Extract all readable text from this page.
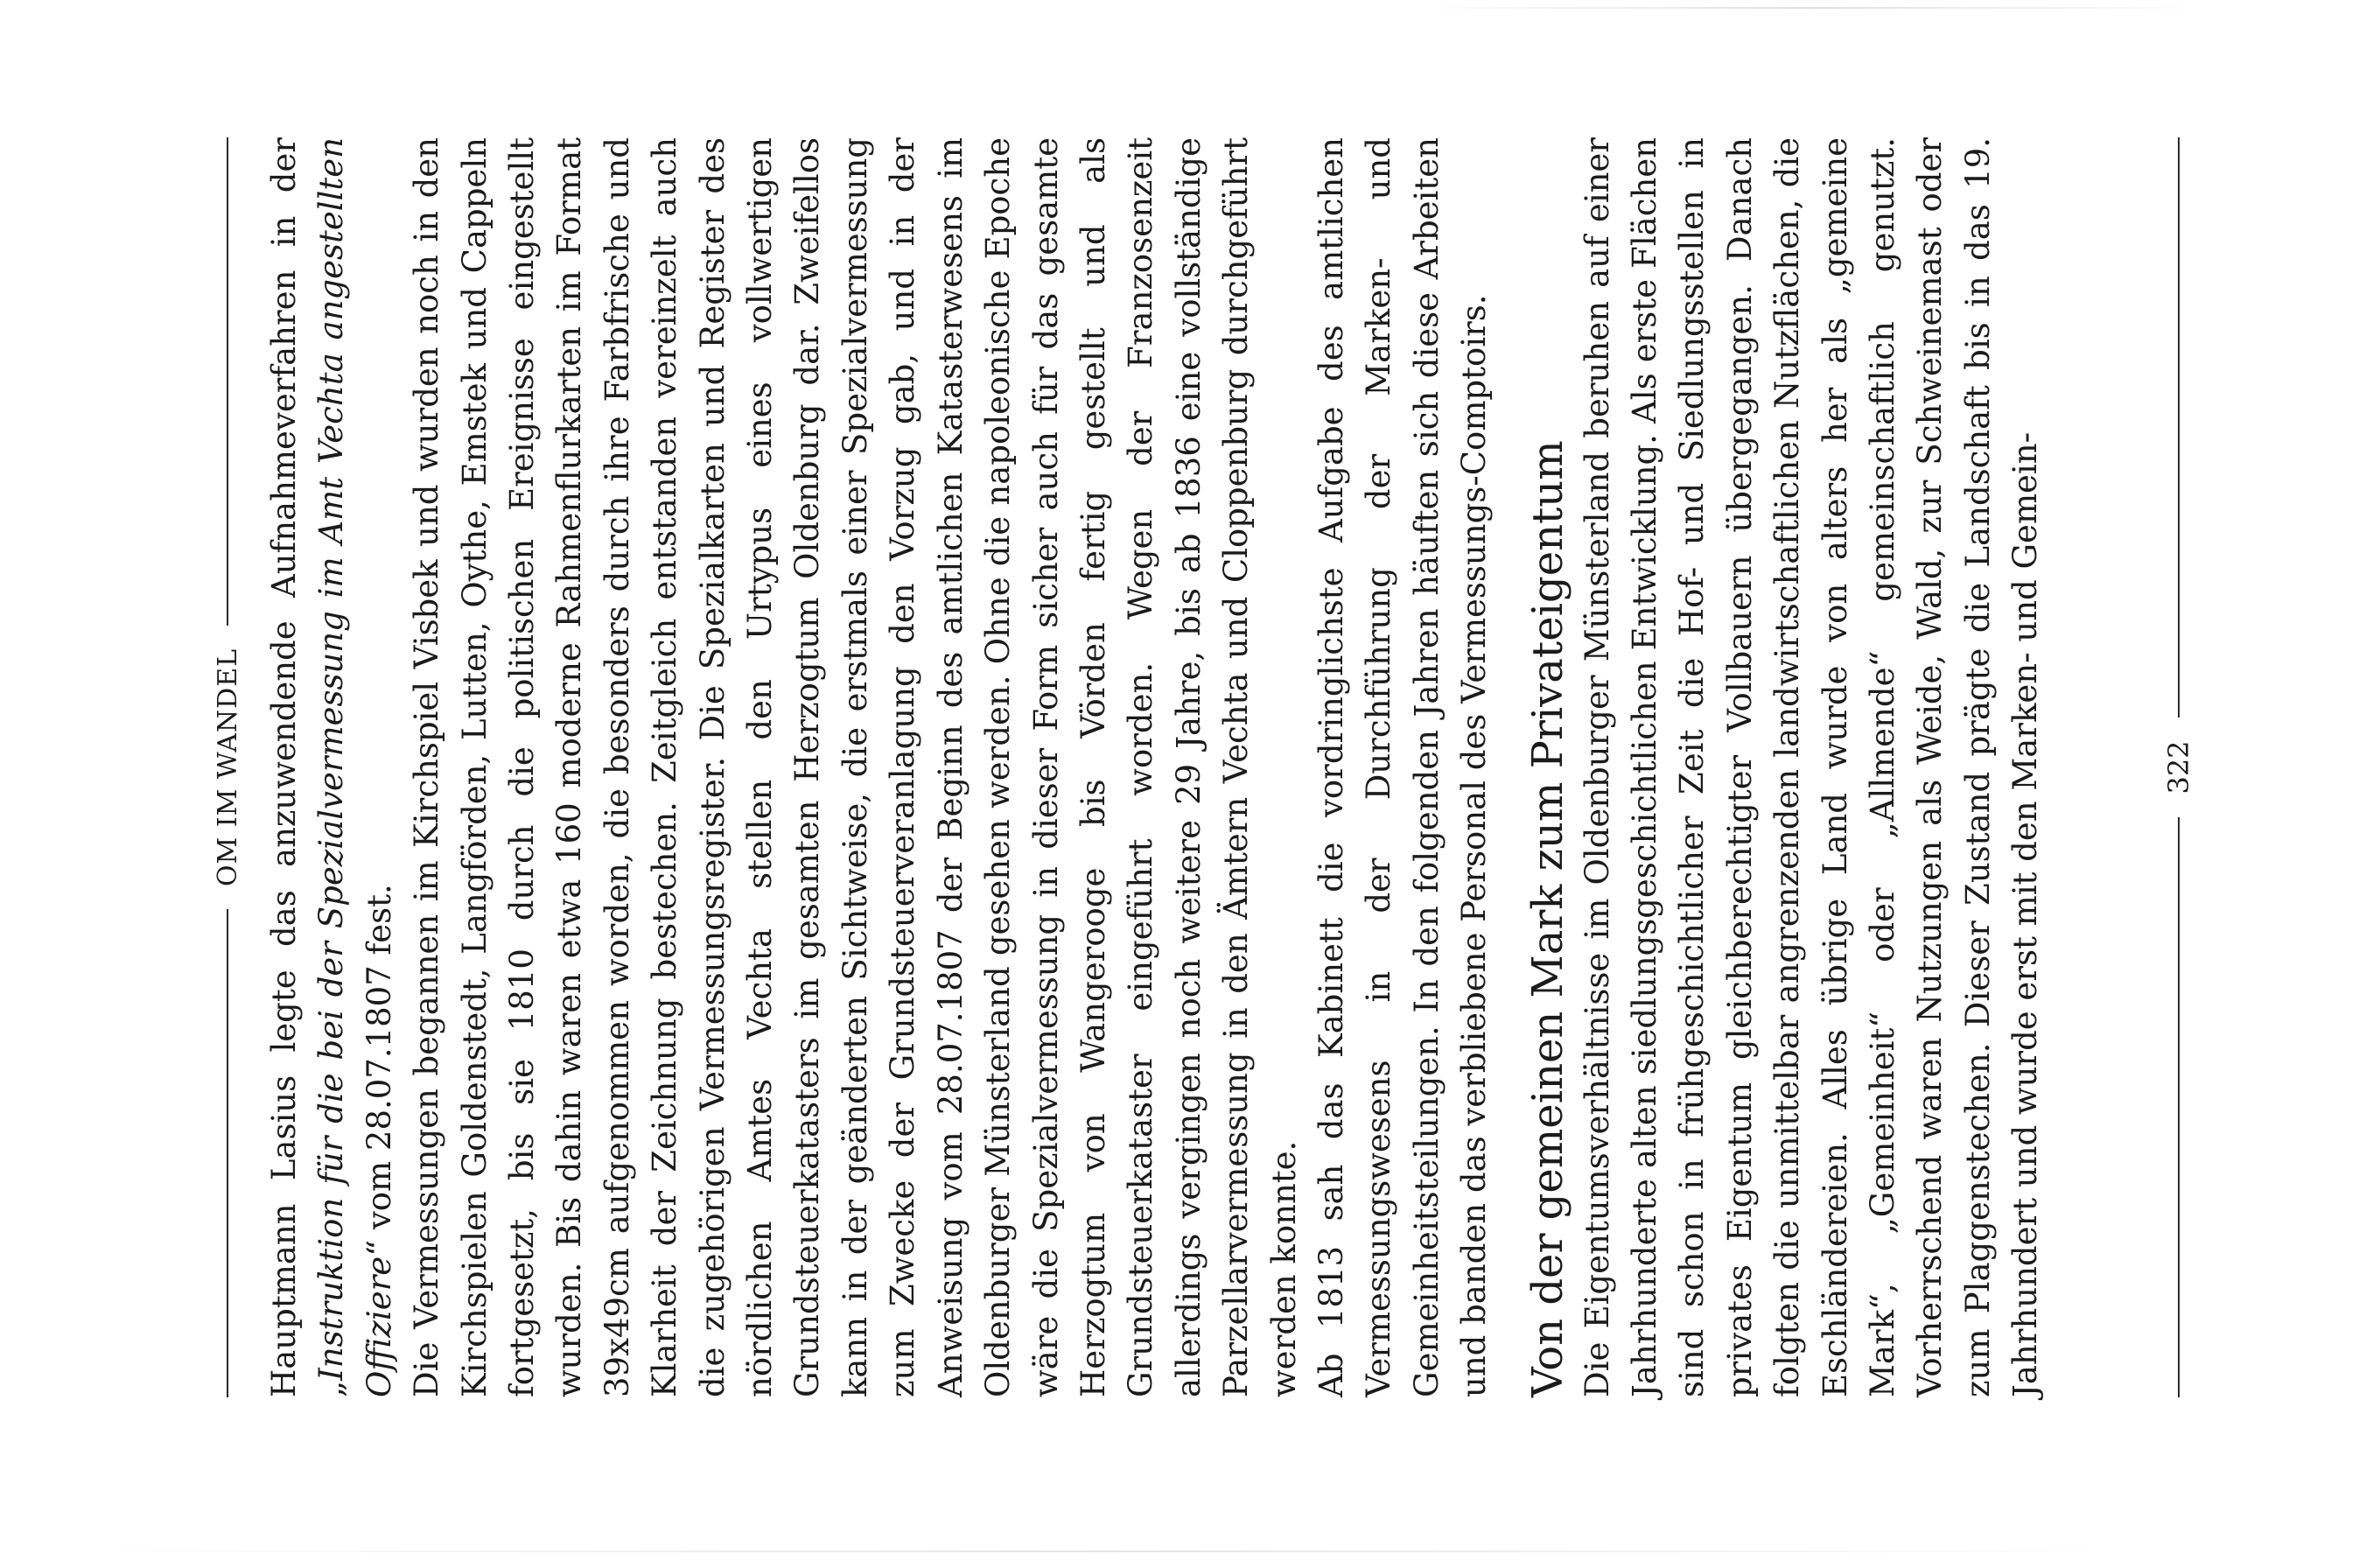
OM IM WANDEL Hauptmann Lasius legte das anzuwendende Aufnahmeverfahren in der „Instruktion für die bei der Spezialvermessung im Amt Vechta angestellten Offiziere“ vom 28.07.1807 fest. Die Vermessungen begannen im Kirchspiel Visbek und wurden noch in den Kirchspielen Goldenstedt, Langförden, Lutten, Oythe, Emstek und Cappeln fortgesetzt, bis sie 1810 durch die politischen Ereignisse eingestellt wurden. Bis dahin waren etwa 160 moderne Rahmenflurkarten im Format 39x49cm aufgenommen worden, die besonders durch ihre Farbfrische und Klarheit der Zeichnung bestechen. Zeitgleich entstanden vereinzelt auch die zugehörigen Vermessungsregister. Die Spezialkarten und Register des nördlichen Amtes Vechta stellen den Urtypus eines vollwertigen Grundsteuerkatasters im gesamten Herzogtum Oldenburg dar. Zweifellos kann in der geänderten Sichtweise, die erstmals einer Spezialvermessung zum Zwecke der Grundsteuerveranlagung den Vorzug gab, und in der Anweisung vom 28.07.1807 der Beginn des amtlichen Katasterwesens im Oldenburger Münsterland gesehen werden. Ohne die napoleonische Epoche wäre die Spezialvermessung in dieser Form sicher auch für das gesamte Herzogtum von Wangerooge bis Vörden fertig gestellt und als Grundsteuerkataster eingeführt worden. Wegen der Franzosenzeit allerdings vergingen noch weitere 29 Jahre, bis ab 1836 eine vollständige Parzellarvermessung in den Ämtern Vechta und Cloppenburg durchgeführt werden konnte. Ab 1813 sah das Kabinett die vordringlichste Aufgabe des amtlichen Vermessungswesens in der Durchführung der Marken- und Gemeinheitsteilungen. In den folgenden Jahren häuften sich diese Arbeiten und banden das verbliebene Personal des Vermessungs-Comptoirs. Von der gemeinen Mark zum Privateigentum Die Eigentumsverhältnisse im Oldenburger Münsterland beruhen auf einer Jahrhunderte alten siedlungsgeschichtlichen Entwicklung. Als erste Flächen sind schon in frühgeschichtlicher Zeit die Hof- und Siedlungsstellen in privates Eigentum gleichberechtigter Vollbauern übergegangen. Danach folgten die unmittelbar angrenzenden landwirtschaftlichen Nutzflächen, die Eschländereien. Alles übrige Land wurde von alters her als „gemeine Mark“, „Gemeinheit“ oder „Allmende“ gemeinschaftlich genutzt. Vorherrschend waren Nutzungen als Weide, Wald, zur Schweinemast oder zum Plaggenstechen. Dieser Zustand prägte die Landschaft bis in das 19. Jahrhundert und wurde erst mit den Marken- und Gemein-	322
